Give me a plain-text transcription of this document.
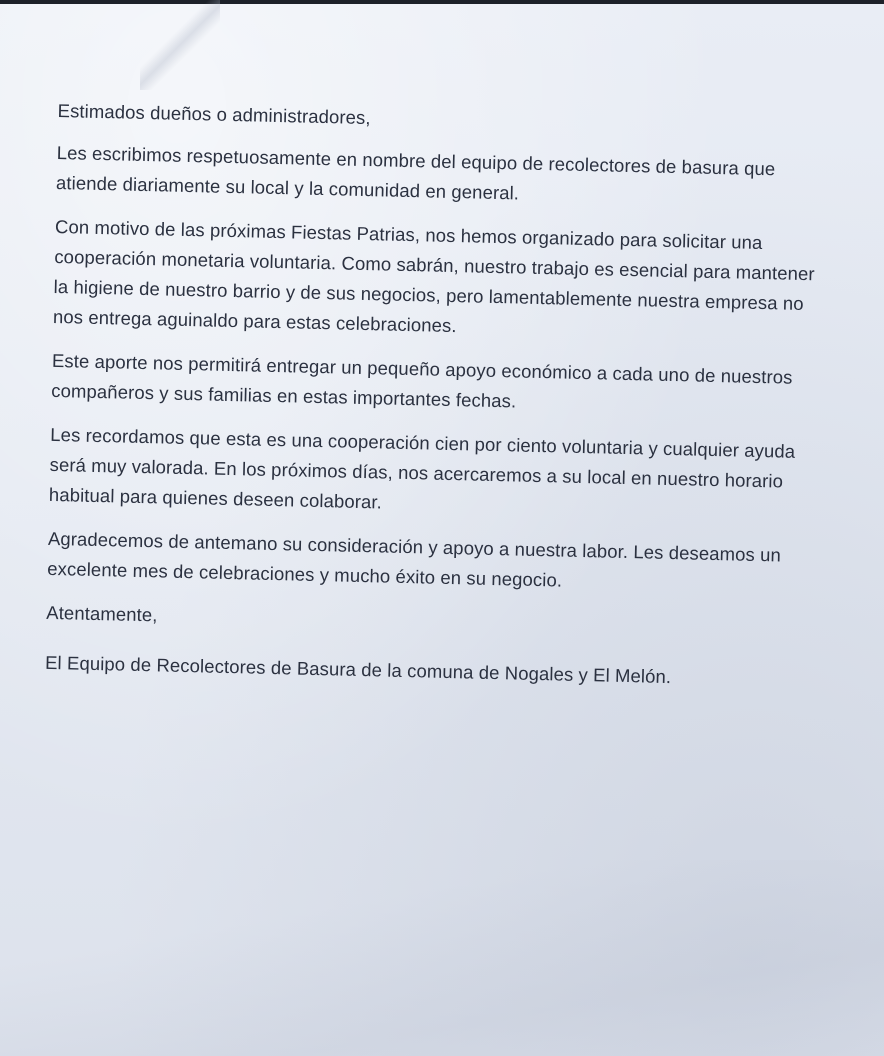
Estimados dueños o administradores,

Les escribimos respetuosamente en nombre del equipo de recolectores de basura que atiende diariamente su local y la comunidad en general.

Con motivo de las próximas Fiestas Patrias, nos hemos organizado para solicitar una cooperación monetaria voluntaria. Como sabrán, nuestro trabajo es esencial para mantener la higiene de nuestro barrio y de sus negocios, pero lamentablemente nuestra empresa no nos entrega aguinaldo para estas celebraciones.

Este aporte nos permitirá entregar un pequeño apoyo económico a cada uno de nuestros compañeros y sus familias en estas importantes fechas.

Les recordamos que esta es una cooperación cien por ciento voluntaria y cualquier ayuda será muy valorada. En los próximos días, nos acercaremos a su local en nuestro horario habitual para quienes deseen colaborar.

Agradecemos de antemano su consideración y apoyo a nuestra labor. Les deseamos un excelente mes de celebraciones y mucho éxito en su negocio.

Atentamente,

El Equipo de Recolectores de Basura de la comuna de Nogales y El Melón.
